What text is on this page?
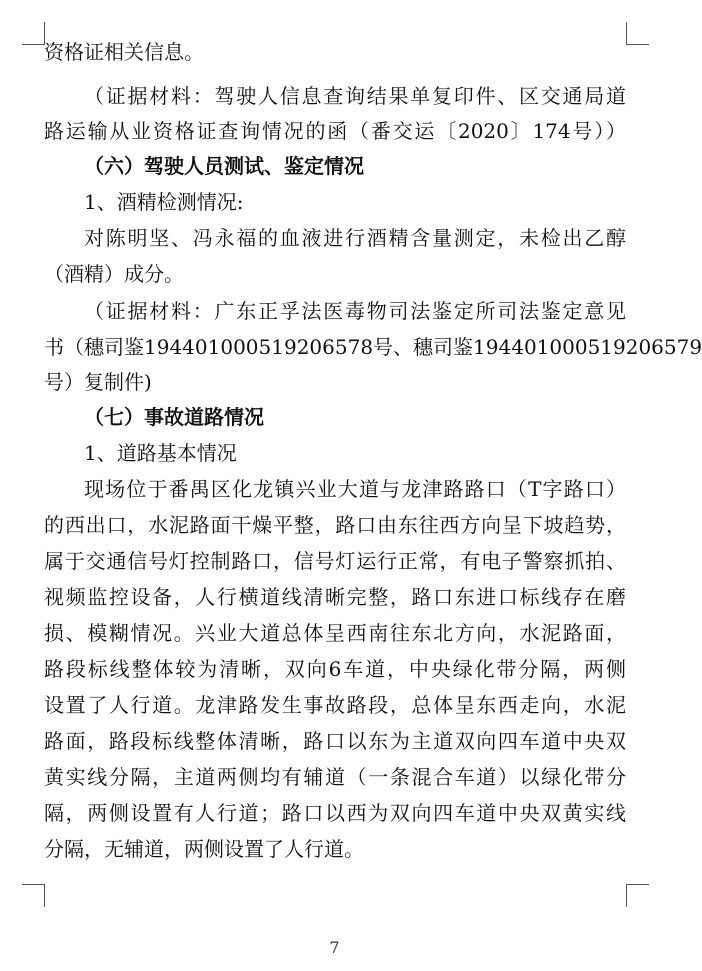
资格证相关信息。
（证据材料：驾驶人信息查询结果单复印件、区交通局道
路运输从业资格证查询情况的函（番交运〔2020〕174号））
（六）驾驶人员测试、鉴定情况
1、酒精检测情况:
对陈明坚、冯永福的血液进行酒精含量测定，未检出乙醇
（酒精）成分。
（证据材料：广东正孚法医毒物司法鉴定所司法鉴定意见
书（穗司鉴194401000519206578号、穗司鉴194401000519206579
号）复制件)
（七）事故道路情况
1、道路基本情况
现场位于番禺区化龙镇兴业大道与龙津路路口（T字路口）
的西出口，水泥路面干燥平整，路口由东往西方向呈下坡趋势，
属于交通信号灯控制路口，信号灯运行正常，有电子警察抓拍、
视频监控设备，人行横道线清晰完整，路口东进口标线存在磨
损、模糊情况。兴业大道总体呈西南往东北方向，水泥路面，
路段标线整体较为清晰，双向6车道，中央绿化带分隔，两侧
设置了人行道。龙津路发生事故路段，总体呈东西走向，水泥
路面，路段标线整体清晰，路口以东为主道双向四车道中央双
黄实线分隔，主道两侧均有辅道（一条混合车道）以绿化带分
隔，两侧设置有人行道；路口以西为双向四车道中央双黄实线
分隔，无辅道，两侧设置了人行道。
7
